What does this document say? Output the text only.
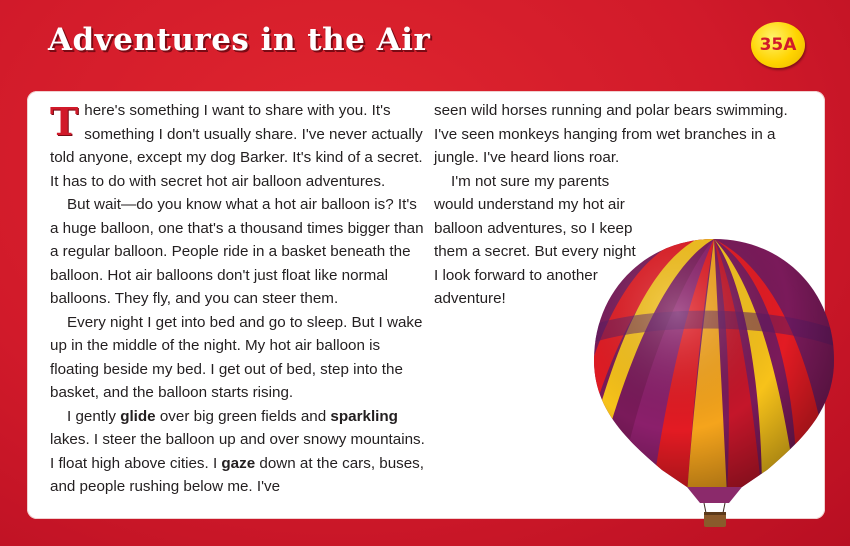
Adventures in the Air	35A

There's something I want to share with you. It's something I don't usually share. I've never actually told anyone, except my dog Barker. It's kind of a secret. It has to do with secret hot air balloon adventures.

But wait—do you know what a hot air balloon is? It's a huge balloon, one that's a thousand times bigger than a regular balloon. People ride in a basket beneath the balloon. Hot air balloons don't just float like normal balloons. They fly, and you can steer them.

Every night I get into bed and go to sleep. But I wake up in the middle of the night. My hot air balloon is floating beside my bed. I get out of bed, step into the basket, and the balloon starts rising.

I gently glide over big green fields and sparkling lakes. I steer the balloon up and over snowy mountains. I float high above cities. I gaze down at the cars, buses, and people rushing below me. I've

seen wild horses running and polar bears swimming. I've seen monkeys hanging from wet branches in a jungle. I've heard lions roar.

I'm not sure my parents would understand my hot air balloon adventures, so I keep them a secret. But every night I look forward to another adventure!
